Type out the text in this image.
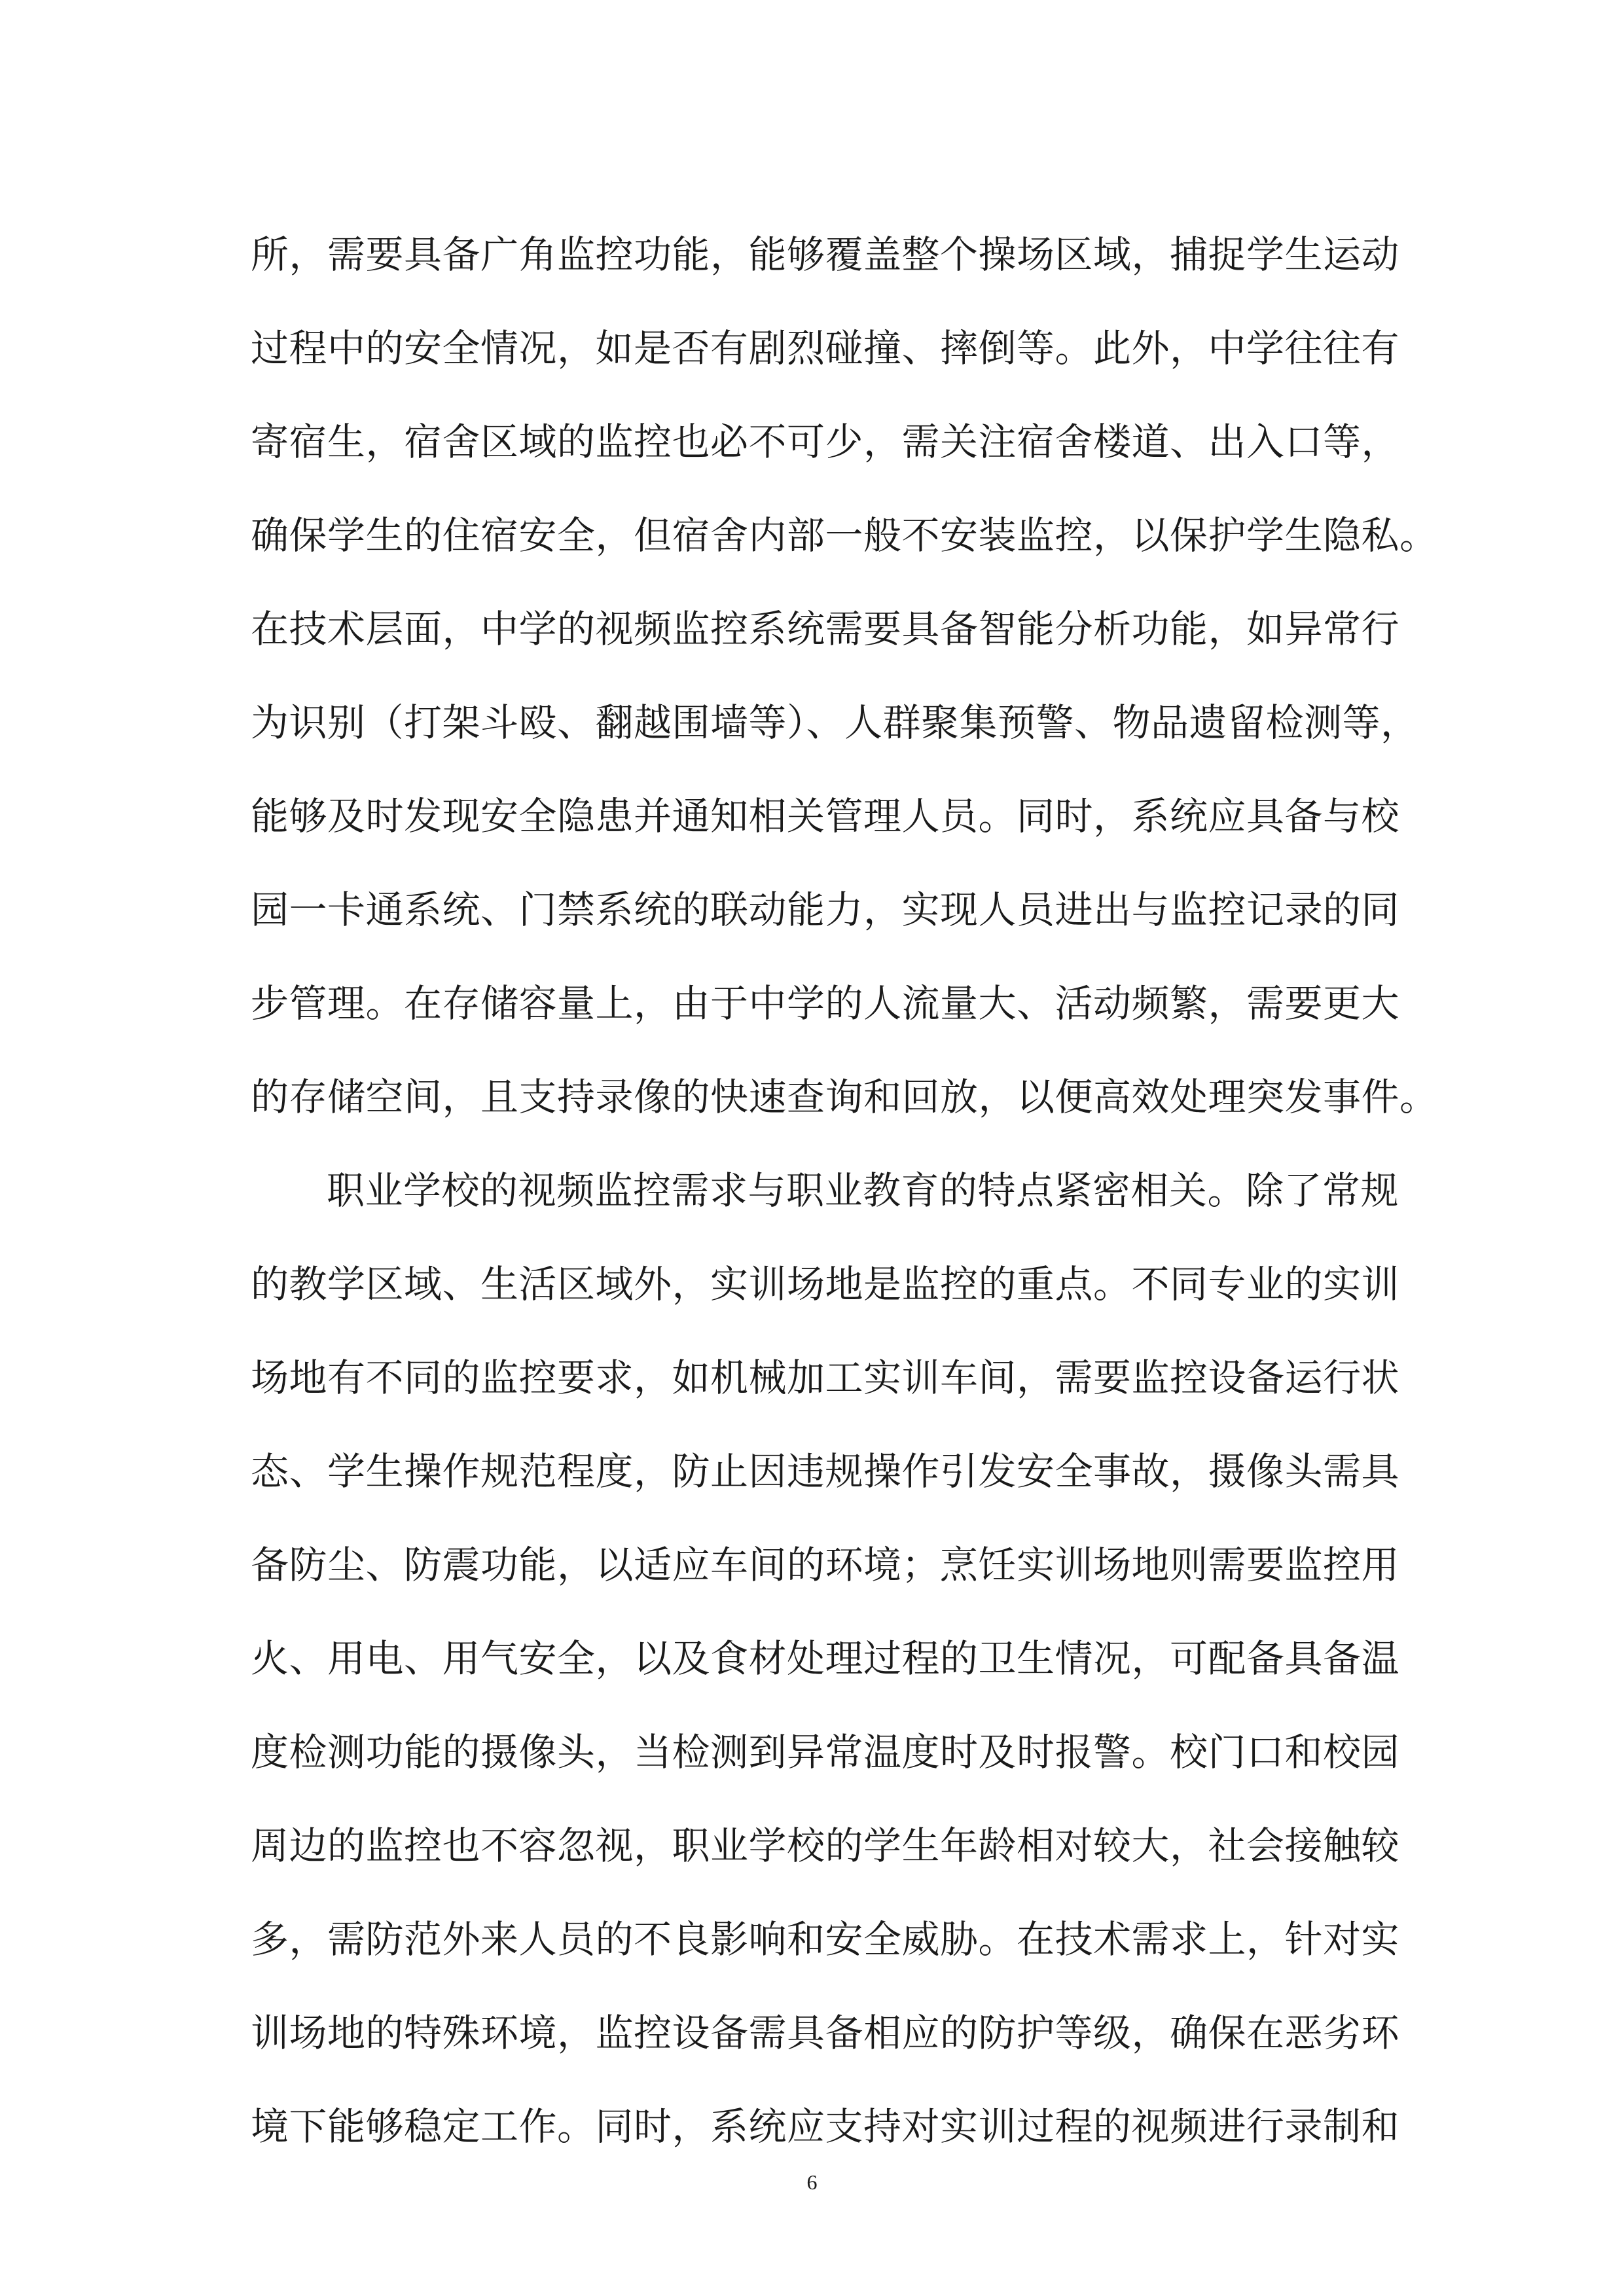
所，需要具备广角监控功能，能够覆盖整个操场区域，捕捉学生运动
过程中的安全情况，如是否有剧烈碰撞、摔倒等。此外，中学往往有
寄宿生，宿舍区域的监控也必不可少，需关注宿舍楼道、出入口等，
确保学生的住宿安全，但宿舍内部一般不安装监控，以保护学生隐私。
在技术层面，中学的视频监控系统需要具备智能分析功能，如异常行
为识别（打架斗殴、翻越围墙等）、人群聚集预警、物品遗留检测等，
能够及时发现安全隐患并通知相关管理人员。同时，系统应具备与校
园一卡通系统、门禁系统的联动能力，实现人员进出与监控记录的同
步管理。在存储容量上，由于中学的人流量大、活动频繁，需要更大
的存储空间，且支持录像的快速查询和回放，以便高效处理突发事件。
职业学校的视频监控需求与职业教育的特点紧密相关。除了常规
的教学区域、生活区域外，实训场地是监控的重点。不同专业的实训
场地有不同的监控要求，如机械加工实训车间，需要监控设备运行状
态、学生操作规范程度，防止因违规操作引发安全事故，摄像头需具
备防尘、防震功能，以适应车间的环境；烹饪实训场地则需要监控用
火、用电、用气安全，以及食材处理过程的卫生情况，可配备具备温
度检测功能的摄像头，当检测到异常温度时及时报警。校门口和校园
周边的监控也不容忽视，职业学校的学生年龄相对较大，社会接触较
多，需防范外来人员的不良影响和安全威胁。在技术需求上，针对实
训场地的特殊环境，监控设备需具备相应的防护等级，确保在恶劣环
境下能够稳定工作。同时，系统应支持对实训过程的视频进行录制和
6
